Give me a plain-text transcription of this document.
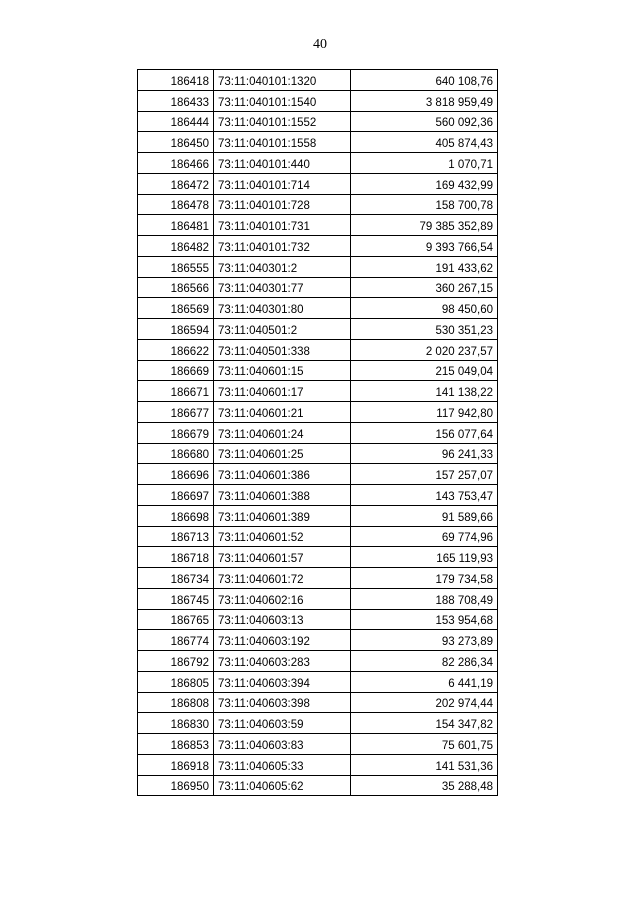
40
186418	73:11:040101:1320	640 108,76
186433	73:11:040101:1540	3 818 959,49
186444	73:11:040101:1552	560 092,36
186450	73:11:040101:1558	405 874,43
186466	73:11:040101:440	1 070,71
186472	73:11:040101:714	169 432,99
186478	73:11:040101:728	158 700,78
186481	73:11:040101:731	79 385 352,89
186482	73:11:040101:732	9 393 766,54
186555	73:11:040301:2	191 433,62
186566	73:11:040301:77	360 267,15
186569	73:11:040301:80	98 450,60
186594	73:11:040501:2	530 351,23
186622	73:11:040501:338	2 020 237,57
186669	73:11:040601:15	215 049,04
186671	73:11:040601:17	141 138,22
186677	73:11:040601:21	117 942,80
186679	73:11:040601:24	156 077,64
186680	73:11:040601:25	96 241,33
186696	73:11:040601:386	157 257,07
186697	73:11:040601:388	143 753,47
186698	73:11:040601:389	91 589,66
186713	73:11:040601:52	69 774,96
186718	73:11:040601:57	165 119,93
186734	73:11:040601:72	179 734,58
186745	73:11:040602:16	188 708,49
186765	73:11:040603:13	153 954,68
186774	73:11:040603:192	93 273,89
186792	73:11:040603:283	82 286,34
186805	73:11:040603:394	6 441,19
186808	73:11:040603:398	202 974,44
186830	73:11:040603:59	154 347,82
186853	73:11:040603:83	75 601,75
186918	73:11:040605:33	141 531,36
186950	73:11:040605:62	35 288,48
